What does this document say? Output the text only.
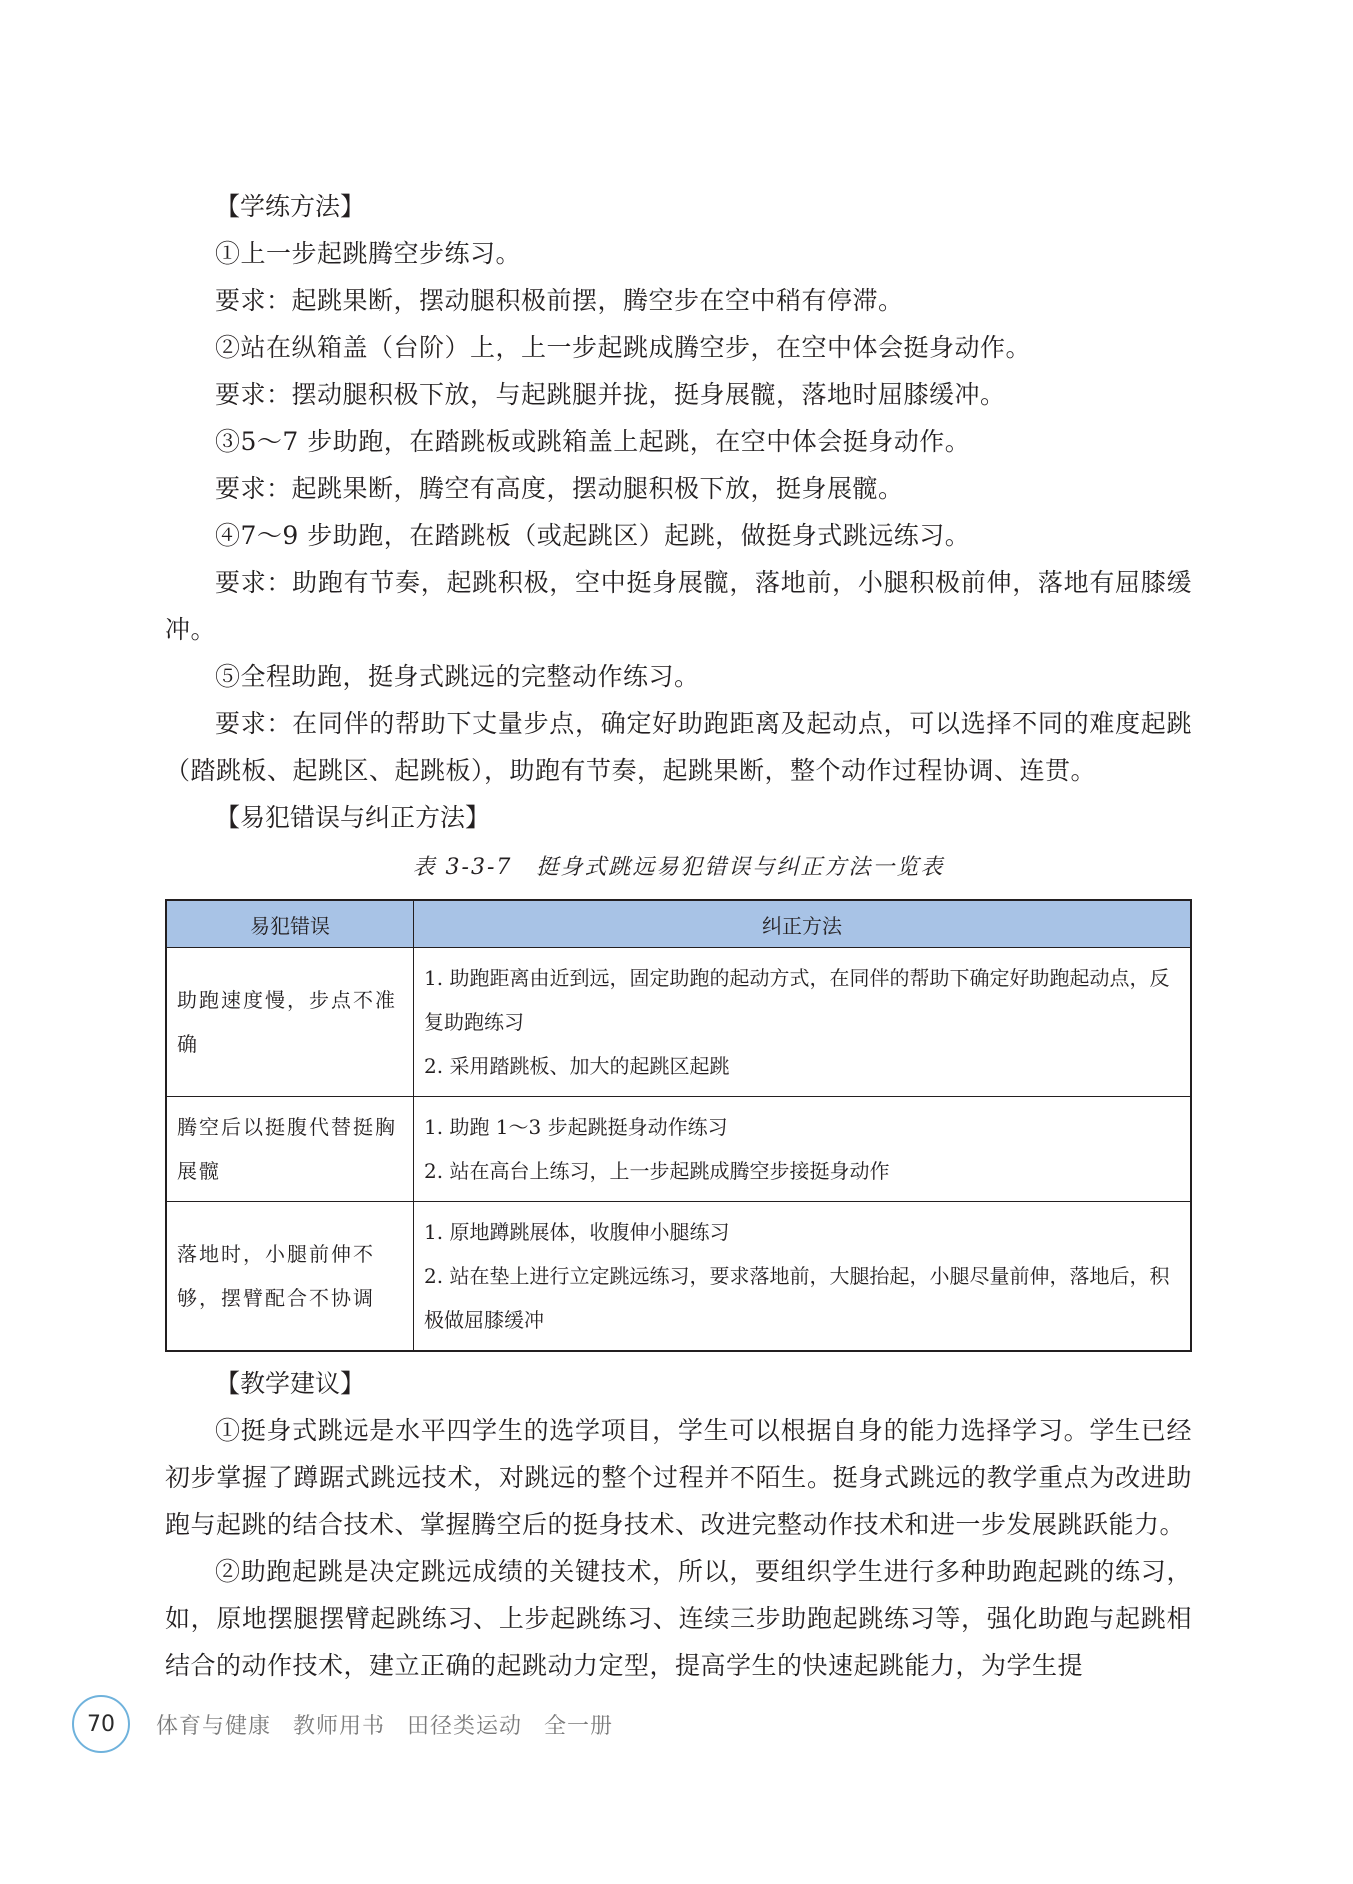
【学练方法】

①上一步起跳腾空步练习。

要求：起跳果断，摆动腿积极前摆，腾空步在空中稍有停滞。

②站在纵箱盖（台阶）上，上一步起跳成腾空步，在空中体会挺身动作。

要求：摆动腿积极下放，与起跳腿并拢，挺身展髋，落地时屈膝缓冲。

③5～7 步助跑，在踏跳板或跳箱盖上起跳，在空中体会挺身动作。

要求：起跳果断，腾空有高度，摆动腿积极下放，挺身展髋。

④7～9 步助跑，在踏跳板（或起跳区）起跳，做挺身式跳远练习。

要求：助跑有节奏，起跳积极，空中挺身展髋，落地前，小腿积极前伸，落地有屈膝缓冲。

⑤全程助跑，挺身式跳远的完整动作练习。

要求：在同伴的帮助下丈量步点，确定好助跑距离及起动点，可以选择不同的难度起跳（踏跳板、起跳区、起跳板），助跑有节奏，起跳果断，整个动作过程协调、连贯。

【易犯错误与纠正方法】

表 3-3-7　挺身式跳远易犯错误与纠正方法一览表
易犯错误	纠正方法
助跑速度慢，步点不准确	1. 助跑距离由近到远，固定助跑的起动方式，在同伴的帮助下确定好助跑起动点，反复助跑练习
2. 采用踏跳板、加大的起跳区起跳

腾空后以挺腹代替挺胸展髋	1. 助跑 1～3 步起跳挺身动作练习
2. 站在高台上练习，上一步起跳成腾空步接挺身动作

落地时，小腿前伸不够，摆臂配合不协调	1. 原地蹲跳展体，收腹伸小腿练习
2. 站在垫上进行立定跳远练习，要求落地前，大腿抬起，小腿尽量前伸，落地后，积极做屈膝缓冲

【教学建议】

①挺身式跳远是水平四学生的选学项目，学生可以根据自身的能力选择学习。学生已经初步掌握了蹲踞式跳远技术，对跳远的整个过程并不陌生。挺身式跳远的教学重点为改进助跑与起跳的结合技术、掌握腾空后的挺身技术、改进完整动作技术和进一步发展跳跃能力。

②助跑起跳是决定跳远成绩的关键技术，所以，要组织学生进行多种助跑起跳的练习，如，原地摆腿摆臂起跳练习、上步起跳练习、连续三步助跑起跳练习等，强化助跑与起跳相结合的动作技术，建立正确的起跳动力定型，提高学生的快速起跳能力，为学生提

70	体育与健康 教师用书 田径类运动 全一册
